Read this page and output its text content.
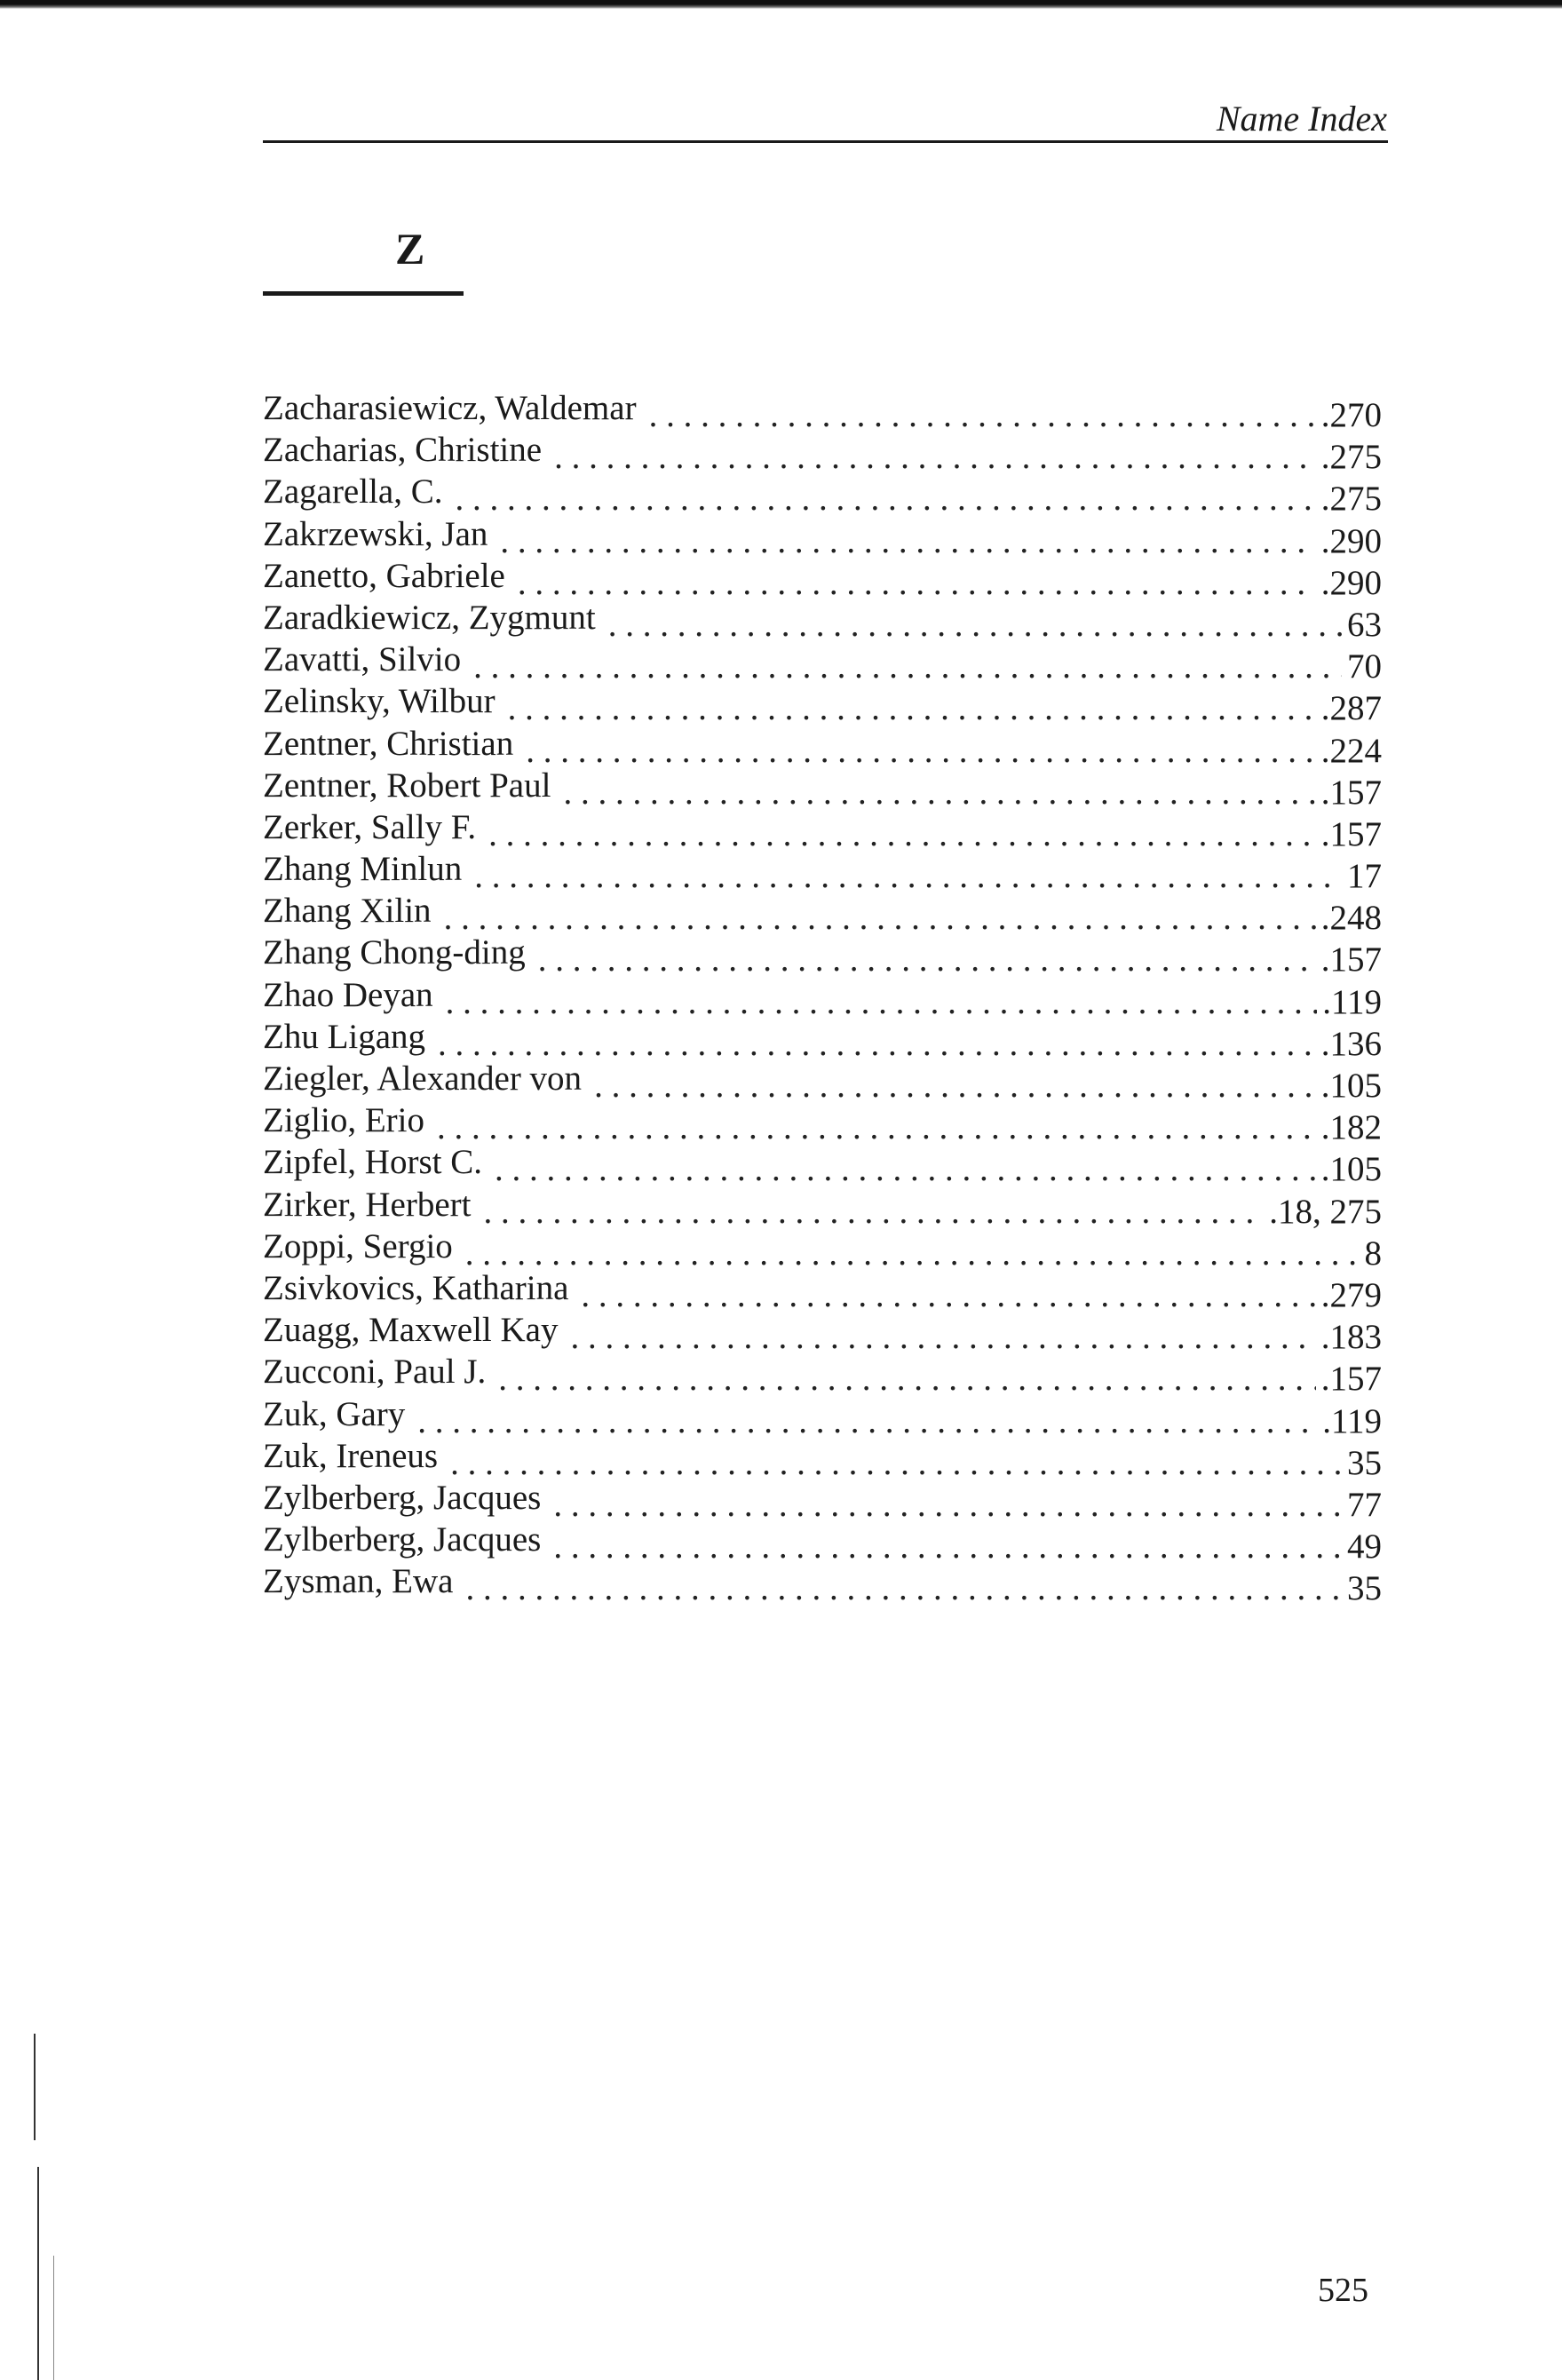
Name Index
Z
Zacharasiewicz, Waldemar . . .	.270
Zacharias, Christine . . .	.275
Zagarella, C. . . .	.275
Zakrzewski, Jan . . .	.290
Zanetto, Gabriele . . .	.290
Zaradkiewicz, Zygmunt . . .	63
Zavatti, Silvio . . .	70
Zelinsky, Wilbur . . .	.287
Zentner, Christian . . .	.224
Zentner, Robert Paul . . .	.157
Zerker, Sally F. . . .	.157
Zhang Minlun . . .	17
Zhang Xilin . . .	.248
Zhang Chong-ding . . .	.157
Zhao Deyan . . .	.119
Zhu Ligang . . .	.136
Ziegler, Alexander von . . .	.105
Ziglio, Erio . . .	.182
Zipfel, Horst C. . . .	.105
Zirker, Herbert . . .	.18, 275
Zoppi, Sergio . . .	8
Zsivkovics, Katharina . . .	.279
Zuagg, Maxwell Kay . . .	.183
Zucconi, Paul J. . . .	.157
Zuk, Gary . . .	.119
Zuk, Ireneus . . .	35
Zylberberg, Jacques . . .	77
Zylberberg, Jacques . . .	49
Zysman, Ewa . . .	35
525
